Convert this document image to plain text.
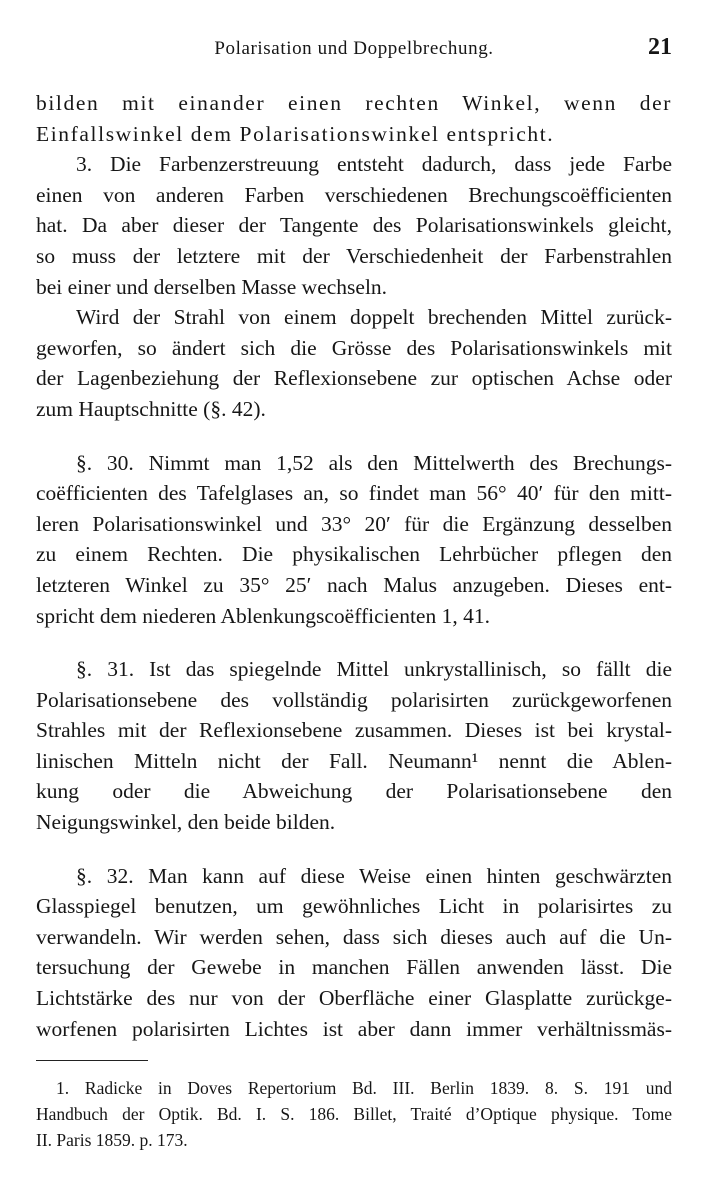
Polarisation und Doppelbrechung.	21
bilden mit einander einen rechten Winkel, wenn der
Einfallswinkel dem Polarisationswinkel entspricht.
3. Die Farbenzerstreuung entsteht dadurch, dass jede Farbe
einen von anderen Farben verschiedenen Brechungscoëfficienten
hat. Da aber dieser der Tangente des Polarisationswinkels gleicht,
so muss der letztere mit der Verschiedenheit der Farbenstrahlen
bei einer und derselben Masse wechseln.
Wird der Strahl von einem doppelt brechenden Mittel zurück-
geworfen, so ändert sich die Grösse des Polarisationswinkels mit
der Lagenbeziehung der Reflexionsebene zur optischen Achse oder
zum Hauptschnitte (§. 42).
§. 30. Nimmt man 1,52 als den Mittelwerth des Brechungs-
coëfficienten des Tafelglases an, so findet man 56° 40′ für den mitt-
leren Polarisationswinkel und 33° 20′ für die Ergänzung desselben
zu einem Rechten. Die physikalischen Lehrbücher pflegen den
letzteren Winkel zu 35° 25′ nach Malus anzugeben. Dieses ent-
spricht dem niederen Ablenkungscoëfficienten 1, 41.
§. 31. Ist das spiegelnde Mittel unkrystallinisch, so fällt die
Polarisationsebene des vollständig polarisirten zurückgeworfenen
Strahles mit der Reflexionsebene zusammen. Dieses ist bei krystal-
linischen Mitteln nicht der Fall. Neumann¹ nennt die Ablen-
kung oder die Abweichung der Polarisationsebene den
Neigungswinkel, den beide bilden.
§. 32. Man kann auf diese Weise einen hinten geschwärzten
Glasspiegel benutzen, um gewöhnliches Licht in polarisirtes zu
verwandeln. Wir werden sehen, dass sich dieses auch auf die Un-
tersuchung der Gewebe in manchen Fällen anwenden lässt. Die
Lichtstärke des nur von der Oberfläche einer Glasplatte zurückge-
worfenen polarisirten Lichtes ist aber dann immer verhältnissmäs-
1. Radicke in Doves Repertorium Bd. III. Berlin 1839. 8. S. 191 und
Handbuch der Optik. Bd. I. S. 186. Billet, Traité d’Optique physique. Tome
II. Paris 1859. p. 173.
